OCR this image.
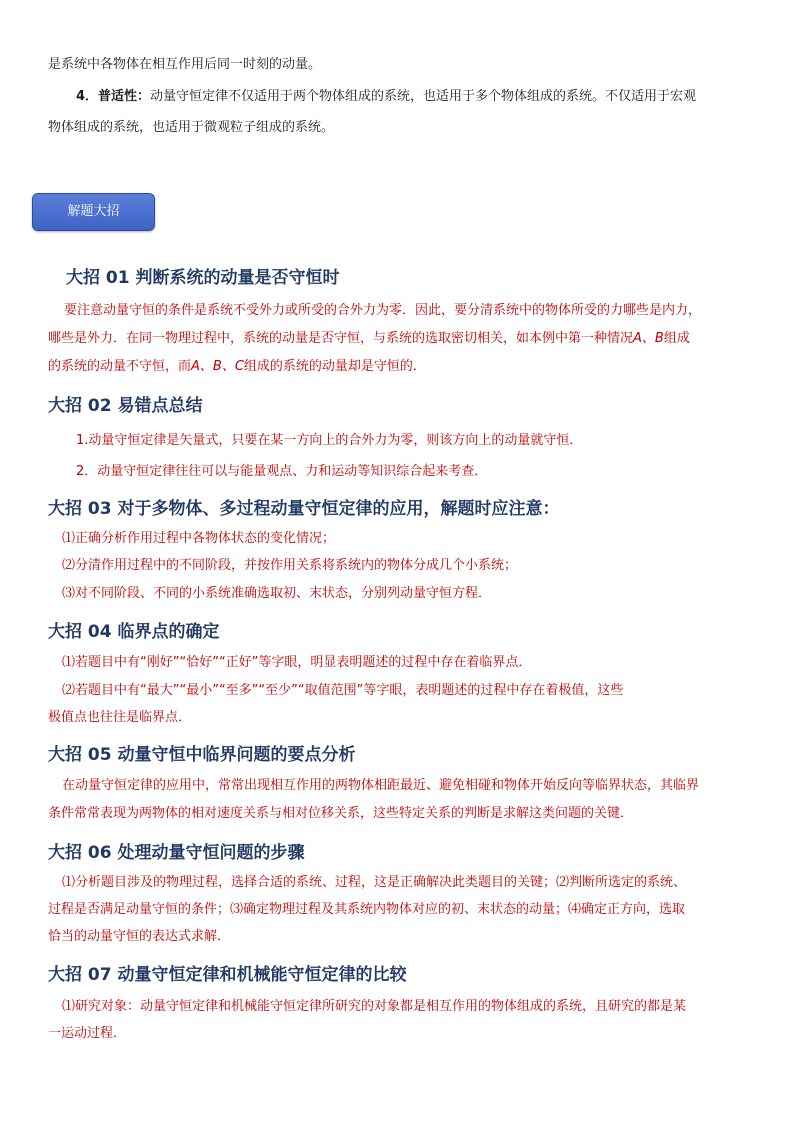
是系统中各物体在相互作用后同一时刻的动量。
4．普适性：动量守恒定律不仅适用于两个物体组成的系统，也适用于多个物体组成的系统。不仅适用于宏观
物体组成的系统，也适用于微观粒子组成的系统。
解题大招
大招 01 判断系统的动量是否守恒时
要注意动量守恒的条件是系统不受外力或所受的合外力为零．因此，要分清系统中的物体所受的力哪些是内力，
哪些是外力．在同一物理过程中，系统的动量是否守恒，与系统的选取密切相关，如本例中第一种情况A、B组成
的系统的动量不守恒，而A、B、C组成的系统的动量却是守恒的．
大招 02 易错点总结
1.动量守恒定律是矢量式，只要在某一方向上的合外力为零，则该方向上的动量就守恒．
2．动量守恒定律往往可以与能量观点、力和运动等知识综合起来考查．
大招 03 对于多物体、多过程动量守恒定律的应用，解题时应注意：
⑴正确分析作用过程中各物体状态的变化情况；
⑵分清作用过程中的不同阶段，并按作用关系将系统内的物体分成几个小系统；
⑶对不同阶段、不同的小系统准确选取初、末状态，分别列动量守恒方程．
大招 04 临界点的确定
⑴若题目中有“刚好”“恰好”“正好”等字眼，明显表明题述的过程中存在着临界点．
⑵若题目中有“最大”“最小”“至多”“至少”“取值范围”等字眼，表明题述的过程中存在着极值，这些
极值点也往往是临界点．
大招 05 动量守恒中临界问题的要点分析
在动量守恒定律的应用中，常常出现相互作用的两物体相距最近、避免相碰和物体开始反向等临界状态，其临界
条件常常表现为两物体的相对速度关系与相对位移关系，这些特定关系的判断是求解这类问题的关键．
大招 06 处理动量守恒问题的步骤
⑴分析题目涉及的物理过程，选择合适的系统、过程，这是正确解决此类题目的关键；⑵判断所选定的系统、
过程是否满足动量守恒的条件；⑶确定物理过程及其系统内物体对应的初、末状态的动量；⑷确定正方向，选取
恰当的动量守恒的表达式求解．
大招 07 动量守恒定律和机械能守恒定律的比较
⑴研究对象：动量守恒定律和机械能守恒定律所研究的对象都是相互作用的物体组成的系统，且研究的都是某
一运动过程．
